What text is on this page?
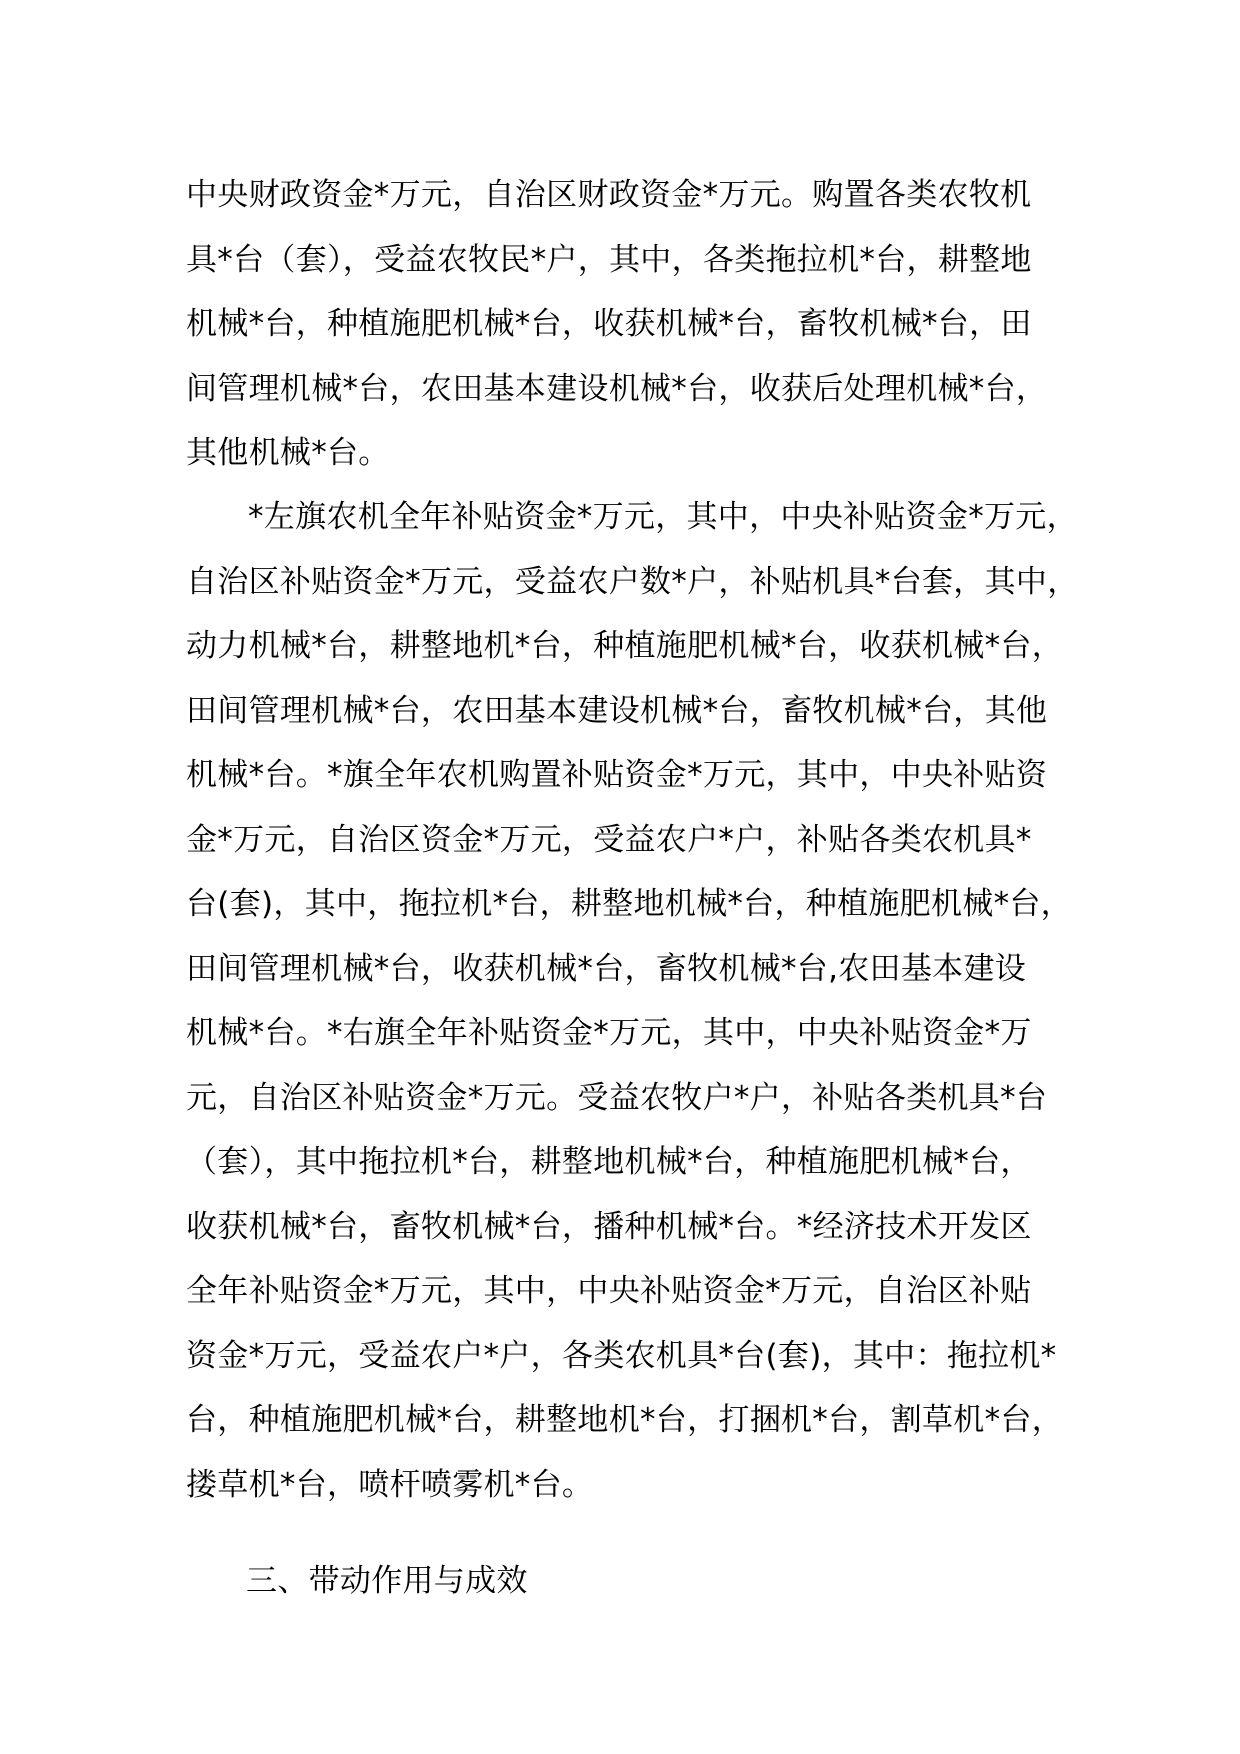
中央财政资金*万元，自治区财政资金*万元。购置各类农牧机
具*台（套），受益农牧民*户，其中，各类拖拉机*台，耕整地
机械*台，种植施肥机械*台，收获机械*台，畜牧机械*台，田
间管理机械*台，农田基本建设机械*台，收获后处理机械*台，
其他机械*台。
*左旗农机全年补贴资金*万元，其中，中央补贴资金*万元，
自治区补贴资金*万元，受益农户数*户，补贴机具*台套，其中，
动力机械*台，耕整地机*台，种植施肥机械*台，收获机械*台，
田间管理机械*台，农田基本建设机械*台，畜牧机械*台，其他
机械*台。*旗全年农机购置补贴资金*万元，其中，中央补贴资
金*万元，自治区资金*万元，受益农户*户，补贴各类农机具*
台(套)，其中，拖拉机*台，耕整地机械*台，种植施肥机械*台，
田间管理机械*台，收获机械*台，畜牧机械*台,农田基本建设
机械*台。*右旗全年补贴资金*万元，其中，中央补贴资金*万
元，自治区补贴资金*万元。受益农牧户*户，补贴各类机具*台
（套），其中拖拉机*台，耕整地机械*台，种植施肥机械*台，
收获机械*台，畜牧机械*台，播种机械*台。*经济技术开发区
全年补贴资金*万元，其中，中央补贴资金*万元，自治区补贴
资金*万元，受益农户*户，各类农机具*台(套)，其中：拖拉机*
台，种植施肥机械*台，耕整地机*台，打捆机*台，割草机*台，
搂草机*台，喷杆喷雾机*台。
三、带动作用与成效
